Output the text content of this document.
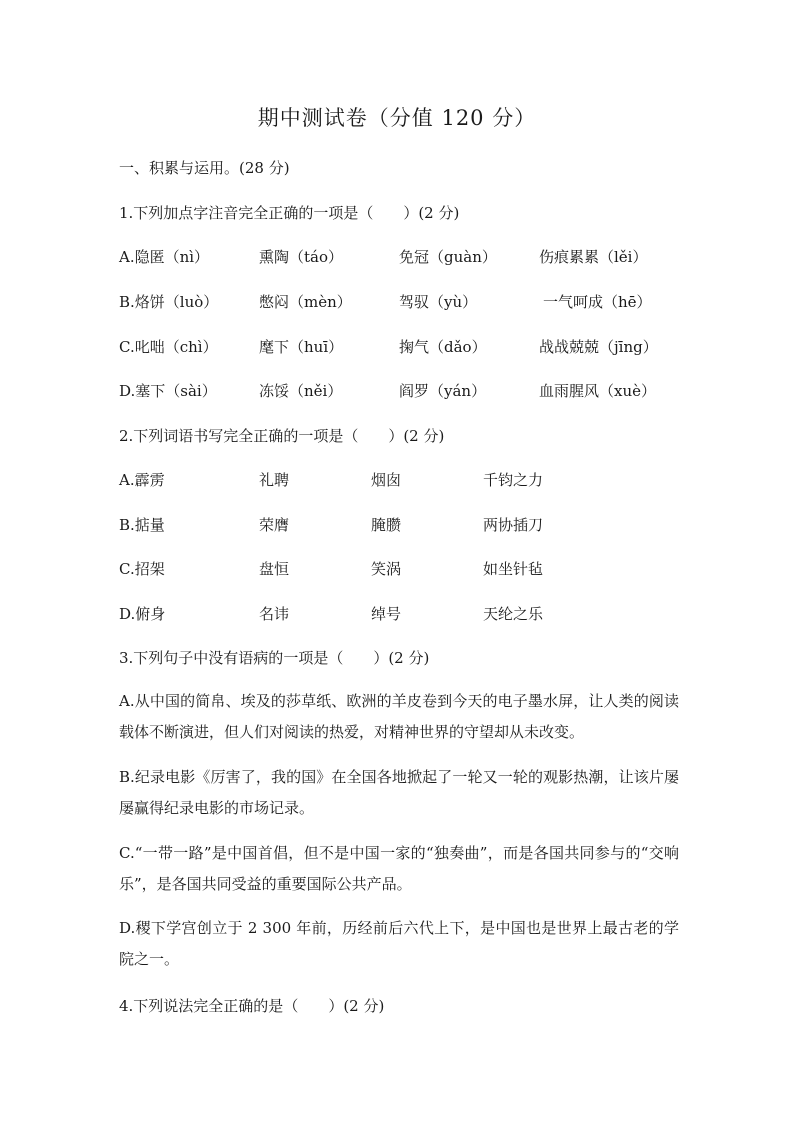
期中测试卷（分值 120 分）
一、积累与运用。(28 分)
1.下列加点字注音完全正确的一项是（　　）(2 分)
A.隐匿（nì）	熏陶（táo）	免冠（guàn）	伤痕累累（lěi）
B.烙饼（luò）	憋闷（mèn）	驾驭（yù）	一气呵成（hē）
C.叱咄（chì）	麾下（huī）	掬气（dǎo）	战战兢兢（jīng）
D.塞下（sài）	冻馁（něi）	阎罗（yán）	血雨腥风（xuè）
2.下列词语书写完全正确的一项是（　　）(2 分)
A.霹雳	礼聘	烟囱	千钧之力
B.掂量	荣膺	腌臜	两协插刀
C.招架	盘恒	笑涡	如坐针毡
D.俯身	名讳	绰号	天纶之乐
3.下列句子中没有语病的一项是（　　）(2 分)
A.从中国的简帛、埃及的莎草纸、欧洲的羊皮卷到今天的电子墨水屏，让人类的阅读载体不断演进，但人们对阅读的热爱，对精神世界的守望却从未改变。
B.纪录电影《厉害了，我的国》在全国各地掀起了一轮又一轮的观影热潮，让该片屡屡赢得纪录电影的市场记录。
C.“一带一路”是中国首倡，但不是中国一家的“独奏曲”，而是各国共同参与的“交响乐”，是各国共同受益的重要国际公共产品。
D.稷下学宫创立于 2 300 年前，历经前后六代上下，是中国也是世界上最古老的学院之一。
4.下列说法完全正确的是（　　）(2 分)
